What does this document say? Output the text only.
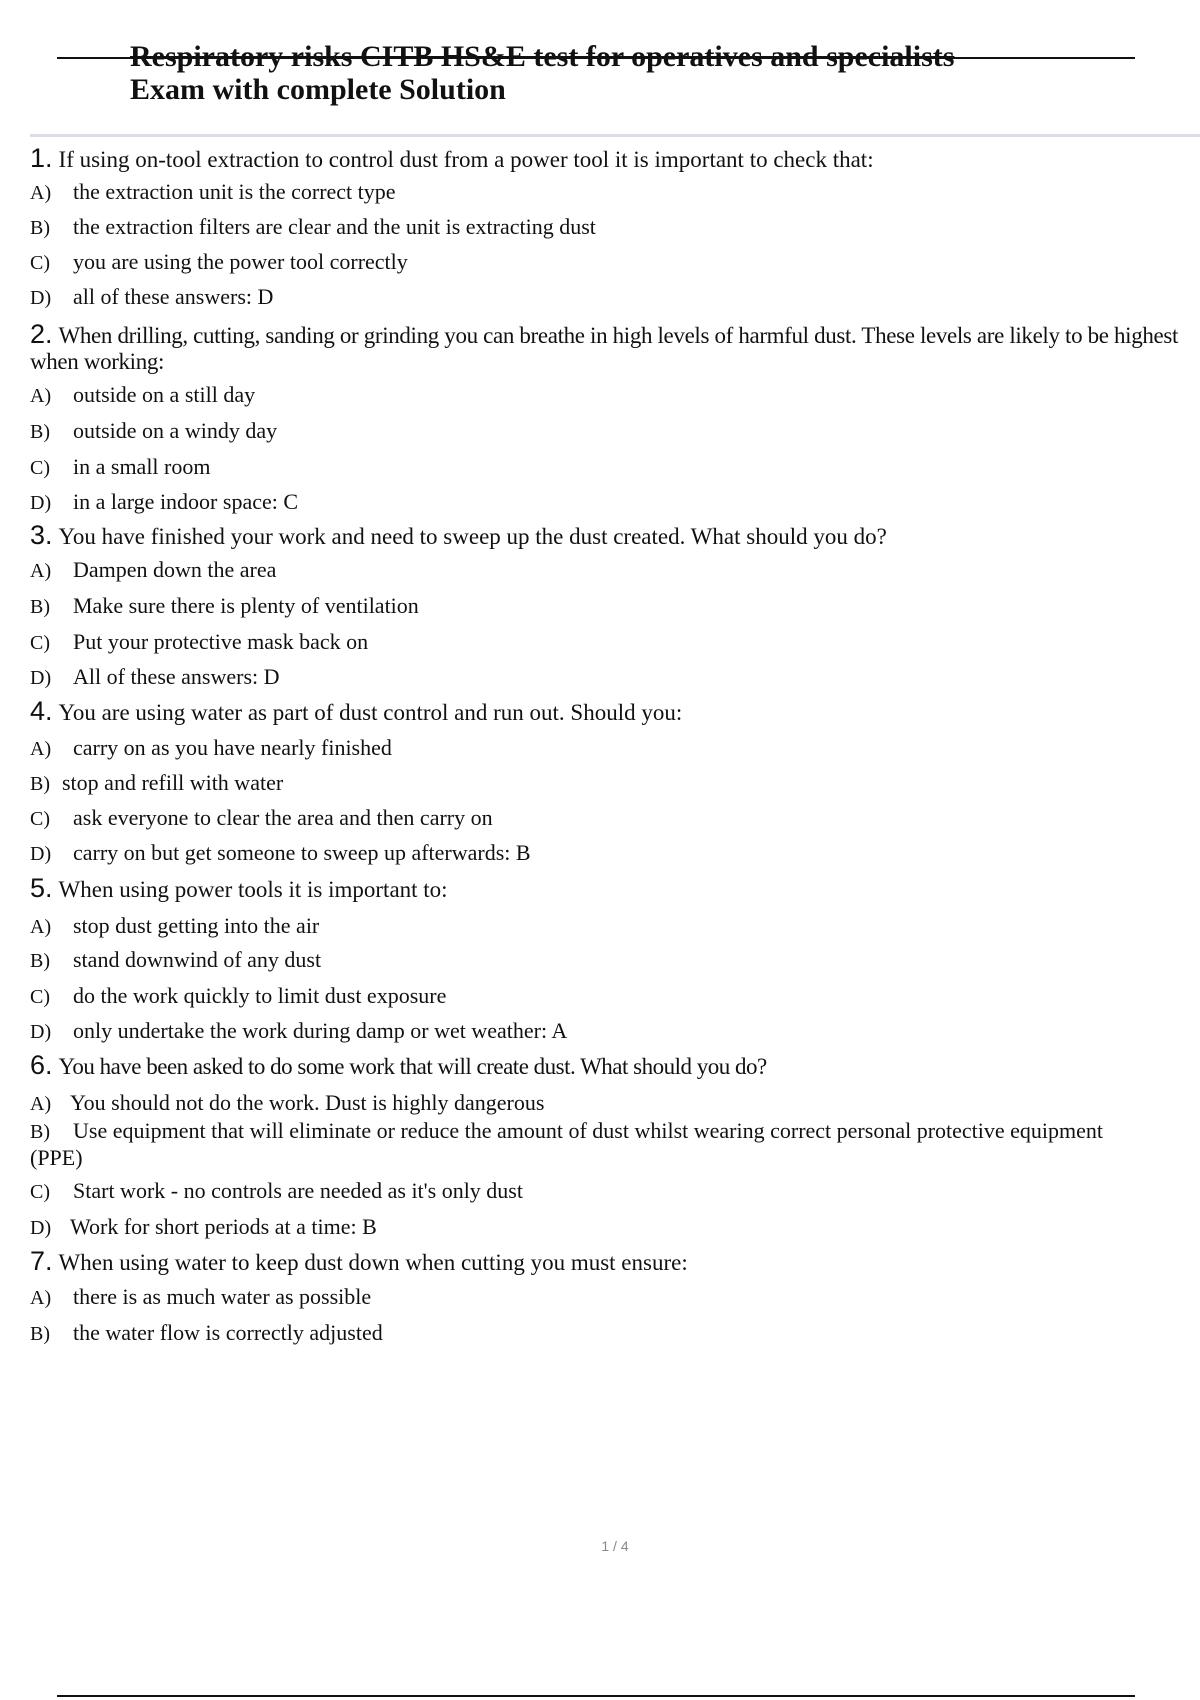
Respiratory risks CITB HS&E test for operatives and specialists
Exam with complete Solution
1. If using on-tool extraction to control dust from a power tool it is important to check that:
A) the extraction unit is the correct type
B) the extraction filters are clear and the unit is extracting dust
C) you are using the power tool correctly
D) all of these answers: D
2. When drilling, cutting, sanding or grinding you can breathe in high levels of harmful dust. These levels are likely to be highest when working:
A) outside on a still day
B) outside on a windy day
C) in a small room
D) in a large indoor space: C
3. You have finished your work and need to sweep up the dust created. What should you do?
A) Dampen down the area
B) Make sure there is plenty of ventilation
C) Put your protective mask back on
D) All of these answers: D
4. You are using water as part of dust control and run out. Should you:
A) carry on as you have nearly finished
B) stop and refill with water
C) ask everyone to clear the area and then carry on
D) carry on but get someone to sweep up afterwards: B
5. When using power tools it is important to:
A) stop dust getting into the air
B) stand downwind of any dust
C) do the work quickly to limit dust exposure
D) only undertake the work during damp or wet weather: A
6. You have been asked to do some work that will create dust. What should you do?
A) You should not do the work. Dust is highly dangerous
B) Use equipment that will eliminate or reduce the amount of dust whilst wearing correct personal protective equipment (PPE)
C) Start work - no controls are needed as it's only dust
D) Work for short periods at a time: B
7. When using water to keep dust down when cutting you must ensure:
A) there is as much water as possible
B) the water flow is correctly adjusted
1 / 4
